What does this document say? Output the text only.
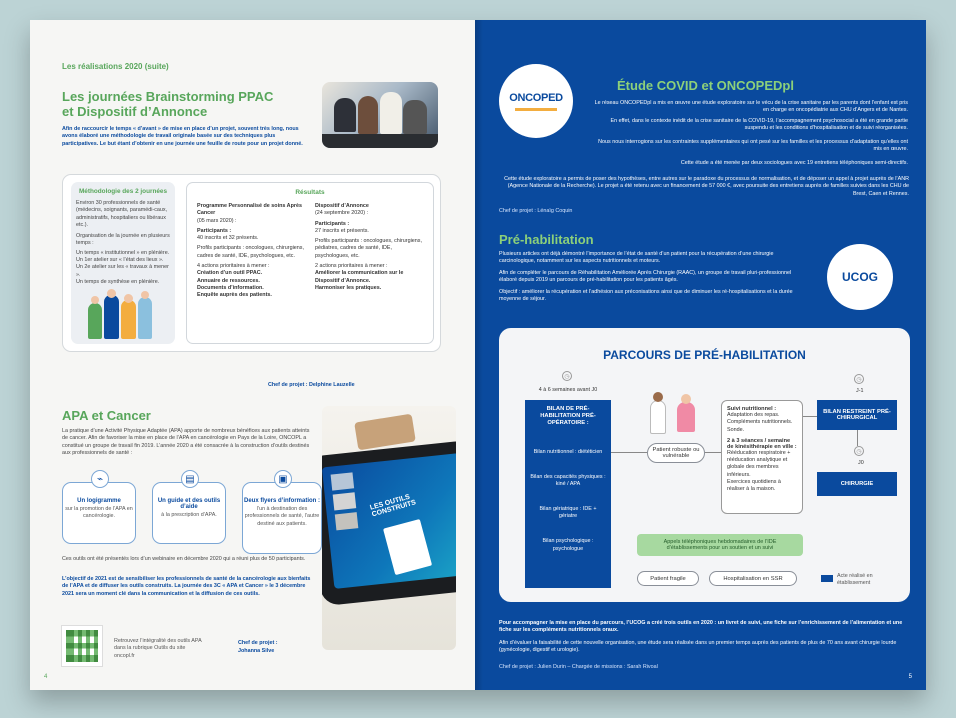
Les réalisations 2020 (suite)
Les journées Brainstorming PPAC et Dispositif d’Annonce
Afin de raccourcir le temps « d’avant » de mise en place d’un projet, souvent très long, nous avons élaboré une méthodologie de travail originale basée sur des techniques plus participatives. Le but étant d’obtenir en une journée une feuille de route pour un projet donné.
Méthodologie des 2 journées
Environ 30 professionnels de santé (médecins, soignants, paramédi-caux, administratifs, hospitaliers ou libéraux etc.).
Organisation de la journée en plusieurs temps :
Un temps « institutionnel » en plénière.
Un 1er atelier sur « l’état des lieux ».
Un 2e atelier sur les « travaux à mener ».
Un temps de synthèse en plénière.
Résultats
Programme Personnalisé de soins Après Cancer
(05 mars 2020) :
Participants :
40 inscrits et 32 présents.
Profils participants : oncologues, chirurgiens, cadres de santé, IDE, psychologues, etc.
4 actions prioritaires à mener :
Création d’un outil PPAC.
Annuaire de ressources.
Documents d’information.
Enquête auprès des patients.
Dispositif d’Annonce
(24 septembre 2020) :
Participants :
27 inscrits et présents.
Profils participants : oncologues, chirurgiens, pédiatres, cadres de santé, IDE, psychologues, etc.
2 actions prioritaires à mener :
Améliorer la communication sur le Dispositif d’Annonce.
Harmoniser les pratiques.
Chef de projet : Delphine Lauzelle
APA et Cancer
La pratique d’une Activité Physique Adaptée (APA) apporte de nombreux bénéfices aux patients atteints de cancer. Afin de favoriser la mise en place de l’APA en cancérologie en Pays de la Loire, ONCOPL a constitué un groupe de travail fin 2019. L’année 2020 a été consacrée à la construction d’outils destinés aux professionnels de santé :
⌁
Un logigramme
sur la promotion de l’APA en cancérologie.
▤
Un guide et des outils d’aide
à la prescription d’APA.
▣
Deux flyers d’information :
l’un à destination des professionnels de santé, l’autre destiné aux patients.
Ces outils ont été présentés lors d’un webinaire en décembre 2020 qui a réuni plus de 50 participants.
L’objectif de 2021 est de sensibiliser les professionnels de santé de la cancérologie aux bienfaits de l’APA et de diffuser les outils construits. La journée des 3C « APA et Cancer » le 3 décembre 2021 sera un moment clé dans la communication et la diffusion de ces outils.
Retrouvez l’intégralité des outils APA dans la rubrique Outils du site oncopl.fr
Chef de projet :
Johanna Silve
LES OUTILS CONSTRUITS
4
ONCOPED
Étude COVID et ONCOPEDpl
Le réseau ONCOPEDpl a mis en œuvre une étude exploratoire sur le vécu de la crise sanitaire par les parents dont l’enfant est pris en charge en oncopédiatrie aux CHU d’Angers et de Nantes.
En effet, dans le contexte inédit de la crise sanitaire de la COVID-19, l’accompagnement psychosocial a été en grande partie suspendu et les conditions d’hospitalisation et de suivi réorganisées.
Nous nous interrogions sur les contraintes supplémentaires qui ont pesé sur les familles et les processus d’adaptation qu’elles ont mis en œuvre.
Cette étude a été menée par deux sociologues avec 19 entretiens téléphoniques semi-directifs.
Cette étude exploratoire a permis de poser des hypothèses, entre autres sur le paradoxe du processus de normalisation, et de déposer un appel à projet auprès de l’ANR (Agence Nationale de la Recherche). Le projet a été retenu avec un financement de 57 000 €, avec poursuite des entretiens auprès de familles suivies dans les CHU de Brest, Caen et Rennes.
Chef de projet : Lénaïg Coquin
Pré-habilitation
Plusieurs articles ont déjà démontré l’importance de l’état de santé d’un patient pour la récupération d’une chirurgie carcinologique, notamment sur les aspects nutritionnels et moteurs.
Afin de compléter le parcours de Réhabilitation Améliorée Après Chirurgie (RAAC), un groupe de travail pluri-professionnel élaboré depuis 2019 un parcours de pré-habilitation pour les patients âgés.
Objectif : améliorer la récupération et l’adhésion aux préconisations ainsi que de diminuer les ré-hospitalisations et la durée moyenne de séjour.
UCOG
PARCOURS DE PRÉ-HABILITATION
4 à 6 semaines avant J0
◷
BILAN DE PRÉ-HABILITATION PRÉ-OPÉRATOIRE :
Bilan nutritionnel : diététicien
Bilan des capacités physiques : kiné / APA
Bilan gériatrique : IDE + gériatre
Bilan psychologique : psychologue
Patient robuste ou vulnérable
Patient fragile	Hospitalisation en SSR
Suivi nutritionnel :
Adaptation des repas.
Compléments nutritionnels.
Sonde.
2 à 3 séances / semaine de kinésithérapie en ville :
Rééducation respiratoire + rééducation analytique et globale des membres inférieurs.
Exercices quotidiens à réaliser à la maison.
J-1
◷
BILAN RESTREINT PRÉ-CHIRURGICAL
J0
◷
CHIRURGIE
Appels téléphoniques hebdomadaires de l’IDE d’établissements pour un soutien et un suivi
Acte réalisé en établissement
Pour accompagner la mise en place du parcours, l’UCOG a créé trois outils en 2020 : un livret de suivi, une fiche sur l’enrichissement de l’alimentation et une fiche sur les compléments nutritionnels oraux.
Afin d’évaluer la faisabilité de cette nouvelle organisation, une étude sera réalisée dans un premier temps auprès des patients de plus de 70 ans avant chirurgie lourde (gynécologie, digestif et urologie).
Chef de projet : Julien Durin – Chargée de missions : Sarah Rivoal
5
